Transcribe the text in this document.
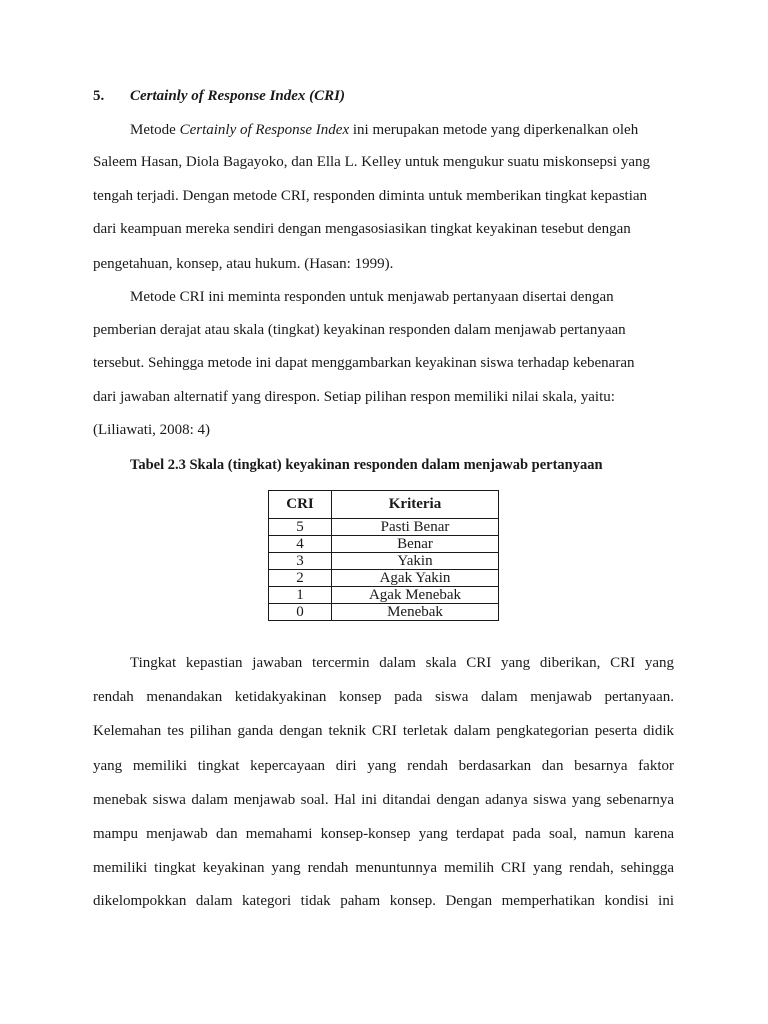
5. Certainly of Response Index (CRI)
Metode Certainly of Response Index ini merupakan metode yang diperkenalkan oleh
Saleem Hasan, Diola Bagayoko, dan Ella L. Kelley untuk mengukur suatu miskonsepsi yang
tengah terjadi. Dengan metode CRI, responden diminta untuk memberikan tingkat kepastian
dari keampuan mereka sendiri dengan mengasosiasikan tingkat keyakinan tesebut dengan
pengetahuan, konsep, atau hukum. (Hasan: 1999).
Metode CRI ini meminta responden untuk menjawab pertanyaan disertai dengan
pemberian derajat atau skala (tingkat) keyakinan responden dalam menjawab pertanyaan
tersebut. Sehingga metode ini dapat menggambarkan keyakinan siswa terhadap kebenaran
dari jawaban alternatif yang direspon. Setiap pilihan respon memiliki nilai skala, yaitu:
(Liliawati, 2008: 4)
Tabel 2.3 Skala (tingkat) keyakinan responden dalam menjawab pertanyaan
CRI	Kriteria
5	Pasti Benar
4	Benar
3	Yakin
2	Agak Yakin
1	Agak Menebak
0	Menebak
Tingkat kepastian jawaban tercermin dalam skala CRI yang diberikan, CRI yang
rendah menandakan ketidakyakinan konsep pada siswa dalam menjawab pertanyaan.
Kelemahan tes pilihan ganda dengan teknik CRI terletak dalam pengkategorian peserta didik
yang memiliki tingkat kepercayaan diri yang rendah berdasarkan dan besarnya faktor
menebak siswa dalam menjawab soal. Hal ini ditandai dengan adanya siswa yang sebenarnya
mampu menjawab dan memahami konsep-konsep yang terdapat pada soal, namun karena
memiliki tingkat keyakinan yang rendah menuntunnya memilih CRI yang rendah, sehingga
dikelompokkan dalam kategori tidak paham konsep. Dengan memperhatikan kondisi ini
